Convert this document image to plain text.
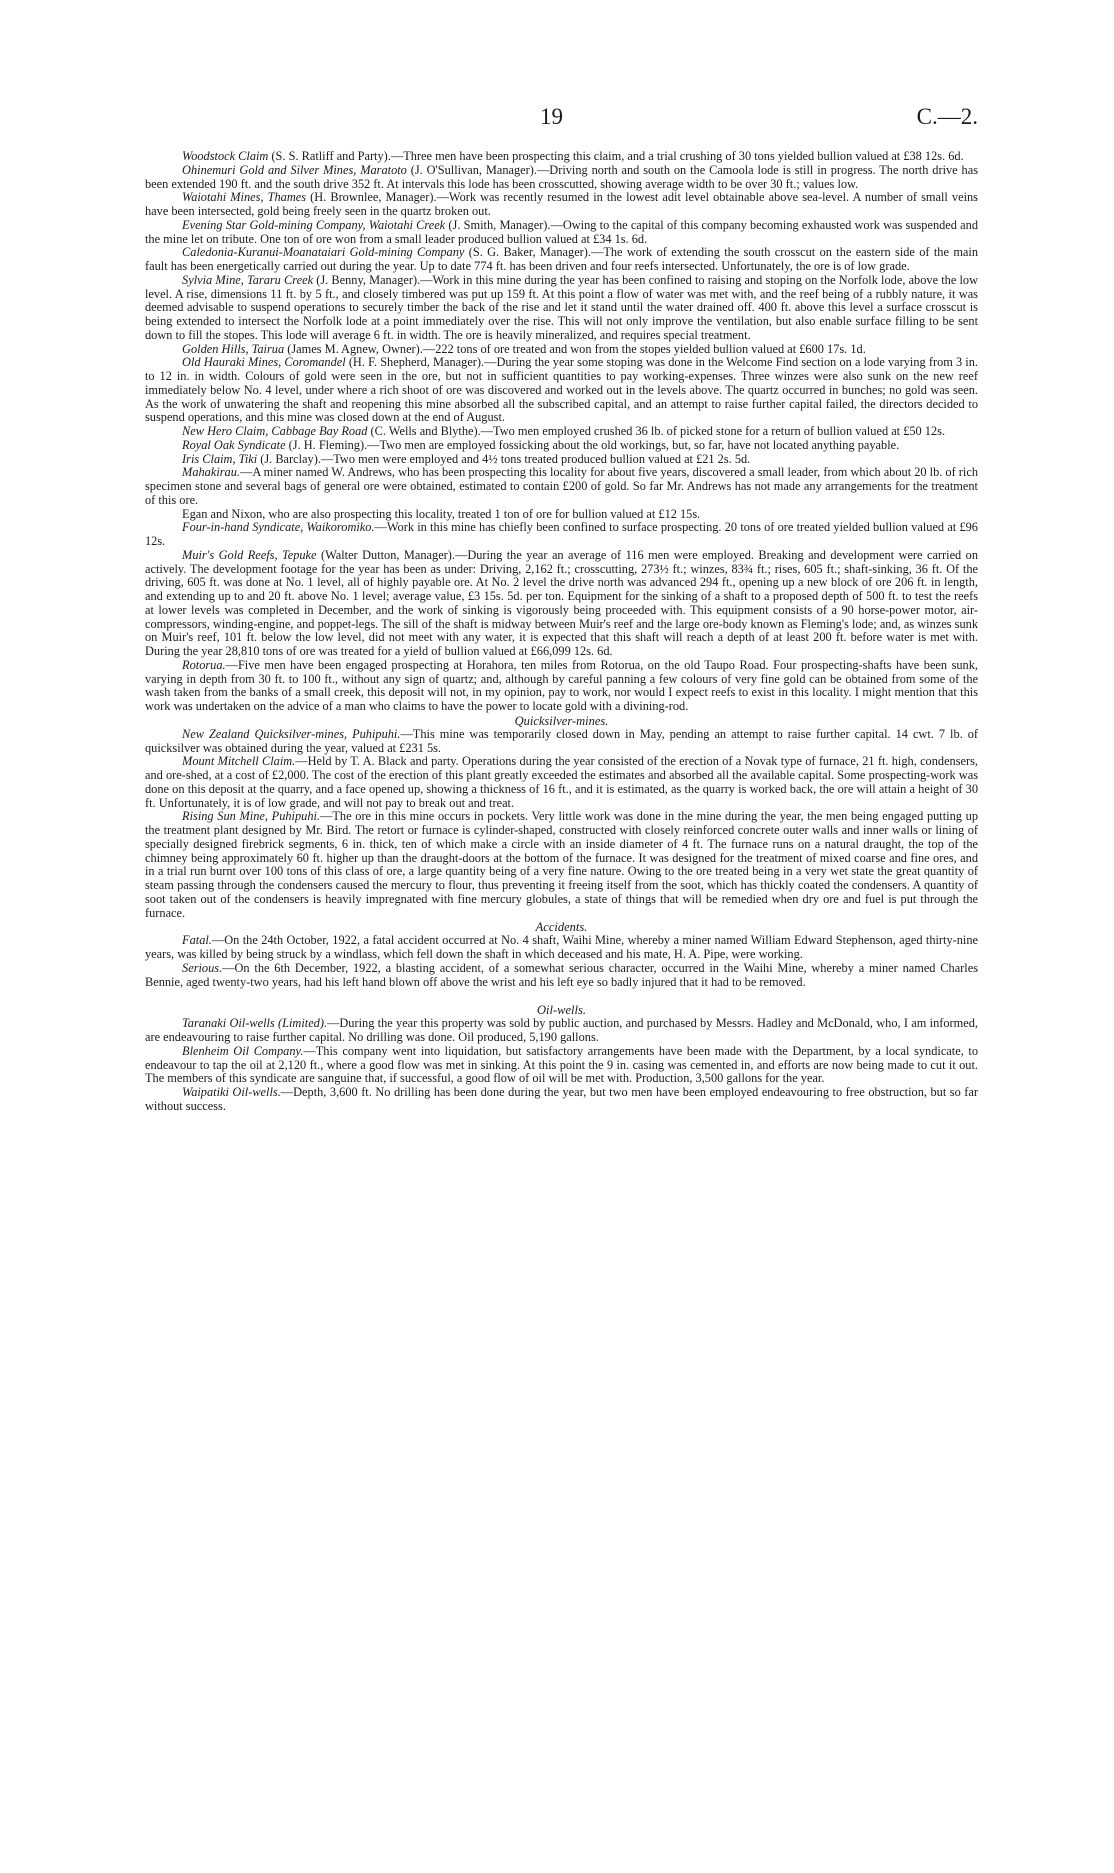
19	C.—2.

Woodstock Claim (S. S. Ratliff and Party).—Three men have been prospecting this claim, and a trial crushing of 30 tons yielded bullion valued at £38 12s. 6d.

Ohinemuri Gold and Silver Mines, Maratoto (J. O'Sullivan, Manager).—Driving north and south on the Camoola lode is still in progress. The north drive has been extended 190 ft. and the south drive 352 ft. At intervals this lode has been crosscutted, showing average width to be over 30 ft.; values low.

Waiotahi Mines, Thames (H. Brownlee, Manager).—Work was recently resumed in the lowest adit level obtainable above sea-level. A number of small veins have been intersected, gold being freely seen in the quartz broken out.

Evening Star Gold-mining Company, Waiotahi Creek (J. Smith, Manager).—Owing to the capital of this company becoming exhausted work was suspended and the mine let on tribute. One ton of ore won from a small leader produced bullion valued at £34 1s. 6d.

Caledonia-Kuranui-Moanataiari Gold-mining Company (S. G. Baker, Manager).—The work of extending the south crosscut on the eastern side of the main fault has been energetically carried out during the year. Up to date 774 ft. has been driven and four reefs intersected. Unfortunately, the ore is of low grade.

Sylvia Mine, Tararu Creek (J. Benny, Manager).—Work in this mine during the year has been confined to raising and stoping on the Norfolk lode, above the low level. A rise, dimensions 11 ft. by 5 ft., and closely timbered was put up 159 ft. At this point a flow of water was met with, and the reef being of a rubbly nature, it was deemed advisable to suspend operations to securely timber the back of the rise and let it stand until the water drained off. 400 ft. above this level a surface crosscut is being extended to intersect the Norfolk lode at a point immediately over the rise. This will not only improve the ventilation, but also enable surface filling to be sent down to fill the stopes. This lode will average 6 ft. in width. The ore is heavily mineralized, and requires special treatment.

Golden Hills, Tairua (James M. Agnew, Owner).—222 tons of ore treated and won from the stopes yielded bullion valued at £600 17s. 1d.

Old Hauraki Mines, Coromandel (H. F. Shepherd, Manager).—During the year some stoping was done in the Welcome Find section on a lode varying from 3 in. to 12 in. in width. Colours of gold were seen in the ore, but not in sufficient quantities to pay working-expenses. Three winzes were also sunk on the new reef immediately below No. 4 level, under where a rich shoot of ore was discovered and worked out in the levels above. The quartz occurred in bunches; no gold was seen. As the work of unwatering the shaft and reopening this mine absorbed all the subscribed capital, and an attempt to raise further capital failed, the directors decided to suspend operations, and this mine was closed down at the end of August.

New Hero Claim, Cabbage Bay Road (C. Wells and Blythe).—Two men employed crushed 36 lb. of picked stone for a return of bullion valued at £50 12s.

Royal Oak Syndicate (J. H. Fleming).—Two men are employed fossicking about the old workings, but, so far, have not located anything payable.

Iris Claim, Tiki (J. Barclay).—Two men were employed and 4½ tons treated produced bullion valued at £21 2s. 5d.

Mahakirau.—A miner named W. Andrews, who has been prospecting this locality for about five years, discovered a small leader, from which about 20 lb. of rich specimen stone and several bags of general ore were obtained, estimated to contain £200 of gold. So far Mr. Andrews has not made any arrangements for the treatment of this ore.

Egan and Nixon, who are also prospecting this locality, treated 1 ton of ore for bullion valued at £12 15s.

Four-in-hand Syndicate, Waikoromiko.—Work in this mine has chiefly been confined to surface prospecting. 20 tons of ore treated yielded bullion valued at £96 12s.

Muir's Gold Reefs, Tepuke (Walter Dutton, Manager).—During the year an average of 116 men were employed. Breaking and development were carried on actively. The development footage for the year has been as under: Driving, 2,162 ft.; crosscutting, 273½ ft.; winzes, 83¾ ft.; rises, 605 ft.; shaft-sinking, 36 ft. Of the driving, 605 ft. was done at No. 1 level, all of highly payable ore. At No. 2 level the drive north was advanced 294 ft., opening up a new block of ore 206 ft. in length, and extending up to and 20 ft. above No. 1 level; average value, £3 15s. 5d. per ton. Equipment for the sinking of a shaft to a proposed depth of 500 ft. to test the reefs at lower levels was completed in December, and the work of sinking is vigorously being proceeded with. This equipment consists of a 90 horse-power motor, air-compressors, winding-engine, and poppet-legs. The sill of the shaft is midway between Muir's reef and the large ore-body known as Fleming's lode; and, as winzes sunk on Muir's reef, 101 ft. below the low level, did not meet with any water, it is expected that this shaft will reach a depth of at least 200 ft. before water is met with. During the year 28,810 tons of ore was treated for a yield of bullion valued at £66,099 12s. 6d.

Rotorua.—Five men have been engaged prospecting at Horahora, ten miles from Rotorua, on the old Taupo Road. Four prospecting-shafts have been sunk, varying in depth from 30 ft. to 100 ft., without any sign of quartz; and, although by careful panning a few colours of very fine gold can be obtained from some of the wash taken from the banks of a small creek, this deposit will not, in my opinion, pay to work, nor would I expect reefs to exist in this locality. I might mention that this work was undertaken on the advice of a man who claims to have the power to locate gold with a divining-rod.

Quicksilver-mines.

New Zealand Quicksilver-mines, Puhipuhi.—This mine was temporarily closed down in May, pending an attempt to raise further capital. 14 cwt. 7 lb. of quicksilver was obtained during the year, valued at £231 5s.

Mount Mitchell Claim.—Held by T. A. Black and party. Operations during the year consisted of the erection of a Novak type of furnace, 21 ft. high, condensers, and ore-shed, at a cost of £2,000. The cost of the erection of this plant greatly exceeded the estimates and absorbed all the available capital. Some prospecting-work was done on this deposit at the quarry, and a face opened up, showing a thickness of 16 ft., and it is estimated, as the quarry is worked back, the ore will attain a height of 30 ft. Unfortunately, it is of low grade, and will not pay to break out and treat.

Rising Sun Mine, Puhipuhi.—The ore in this mine occurs in pockets. Very little work was done in the mine during the year, the men being engaged putting up the treatment plant designed by Mr. Bird. The retort or furnace is cylinder-shaped, constructed with closely reinforced concrete outer walls and inner walls or lining of specially designed firebrick segments, 6 in. thick, ten of which make a circle with an inside diameter of 4 ft. The furnace runs on a natural draught, the top of the chimney being approximately 60 ft. higher up than the draught-doors at the bottom of the furnace. It was designed for the treatment of mixed coarse and fine ores, and in a trial run burnt over 100 tons of this class of ore, a large quantity being of a very fine nature. Owing to the ore treated being in a very wet state the great quantity of steam passing through the condensers caused the mercury to flour, thus preventing it freeing itself from the soot, which has thickly coated the condensers. A quantity of soot taken out of the condensers is heavily impregnated with fine mercury globules, a state of things that will be remedied when dry ore and fuel is put through the furnace.

Accidents.

Fatal.—On the 24th October, 1922, a fatal accident occurred at No. 4 shaft, Waihi Mine, whereby a miner named William Edward Stephenson, aged thirty-nine years, was killed by being struck by a windlass, which fell down the shaft in which deceased and his mate, H. A. Pipe, were working.

Serious.—On the 6th December, 1922, a blasting accident, of a somewhat serious character, occurred in the Waihi Mine, whereby a miner named Charles Bennie, aged twenty-two years, had his left hand blown off above the wrist and his left eye so badly injured that it had to be removed.

Oil-wells.

Taranaki Oil-wells (Limited).—During the year this property was sold by public auction, and purchased by Messrs. Hadley and McDonald, who, I am informed, are endeavouring to raise further capital. No drilling was done. Oil produced, 5,190 gallons.

Blenheim Oil Company.—This company went into liquidation, but satisfactory arrangements have been made with the Department, by a local syndicate, to endeavour to tap the oil at 2,120 ft., where a good flow was met in sinking. At this point the 9 in. casing was cemented in, and efforts are now being made to cut it out. The members of this syndicate are sanguine that, if successful, a good flow of oil will be met with. Production, 3,500 gallons for the year.

Waipatiki Oil-wells.—Depth, 3,600 ft. No drilling has been done during the year, but two men have been employed endeavouring to free obstruction, but so far without success.
